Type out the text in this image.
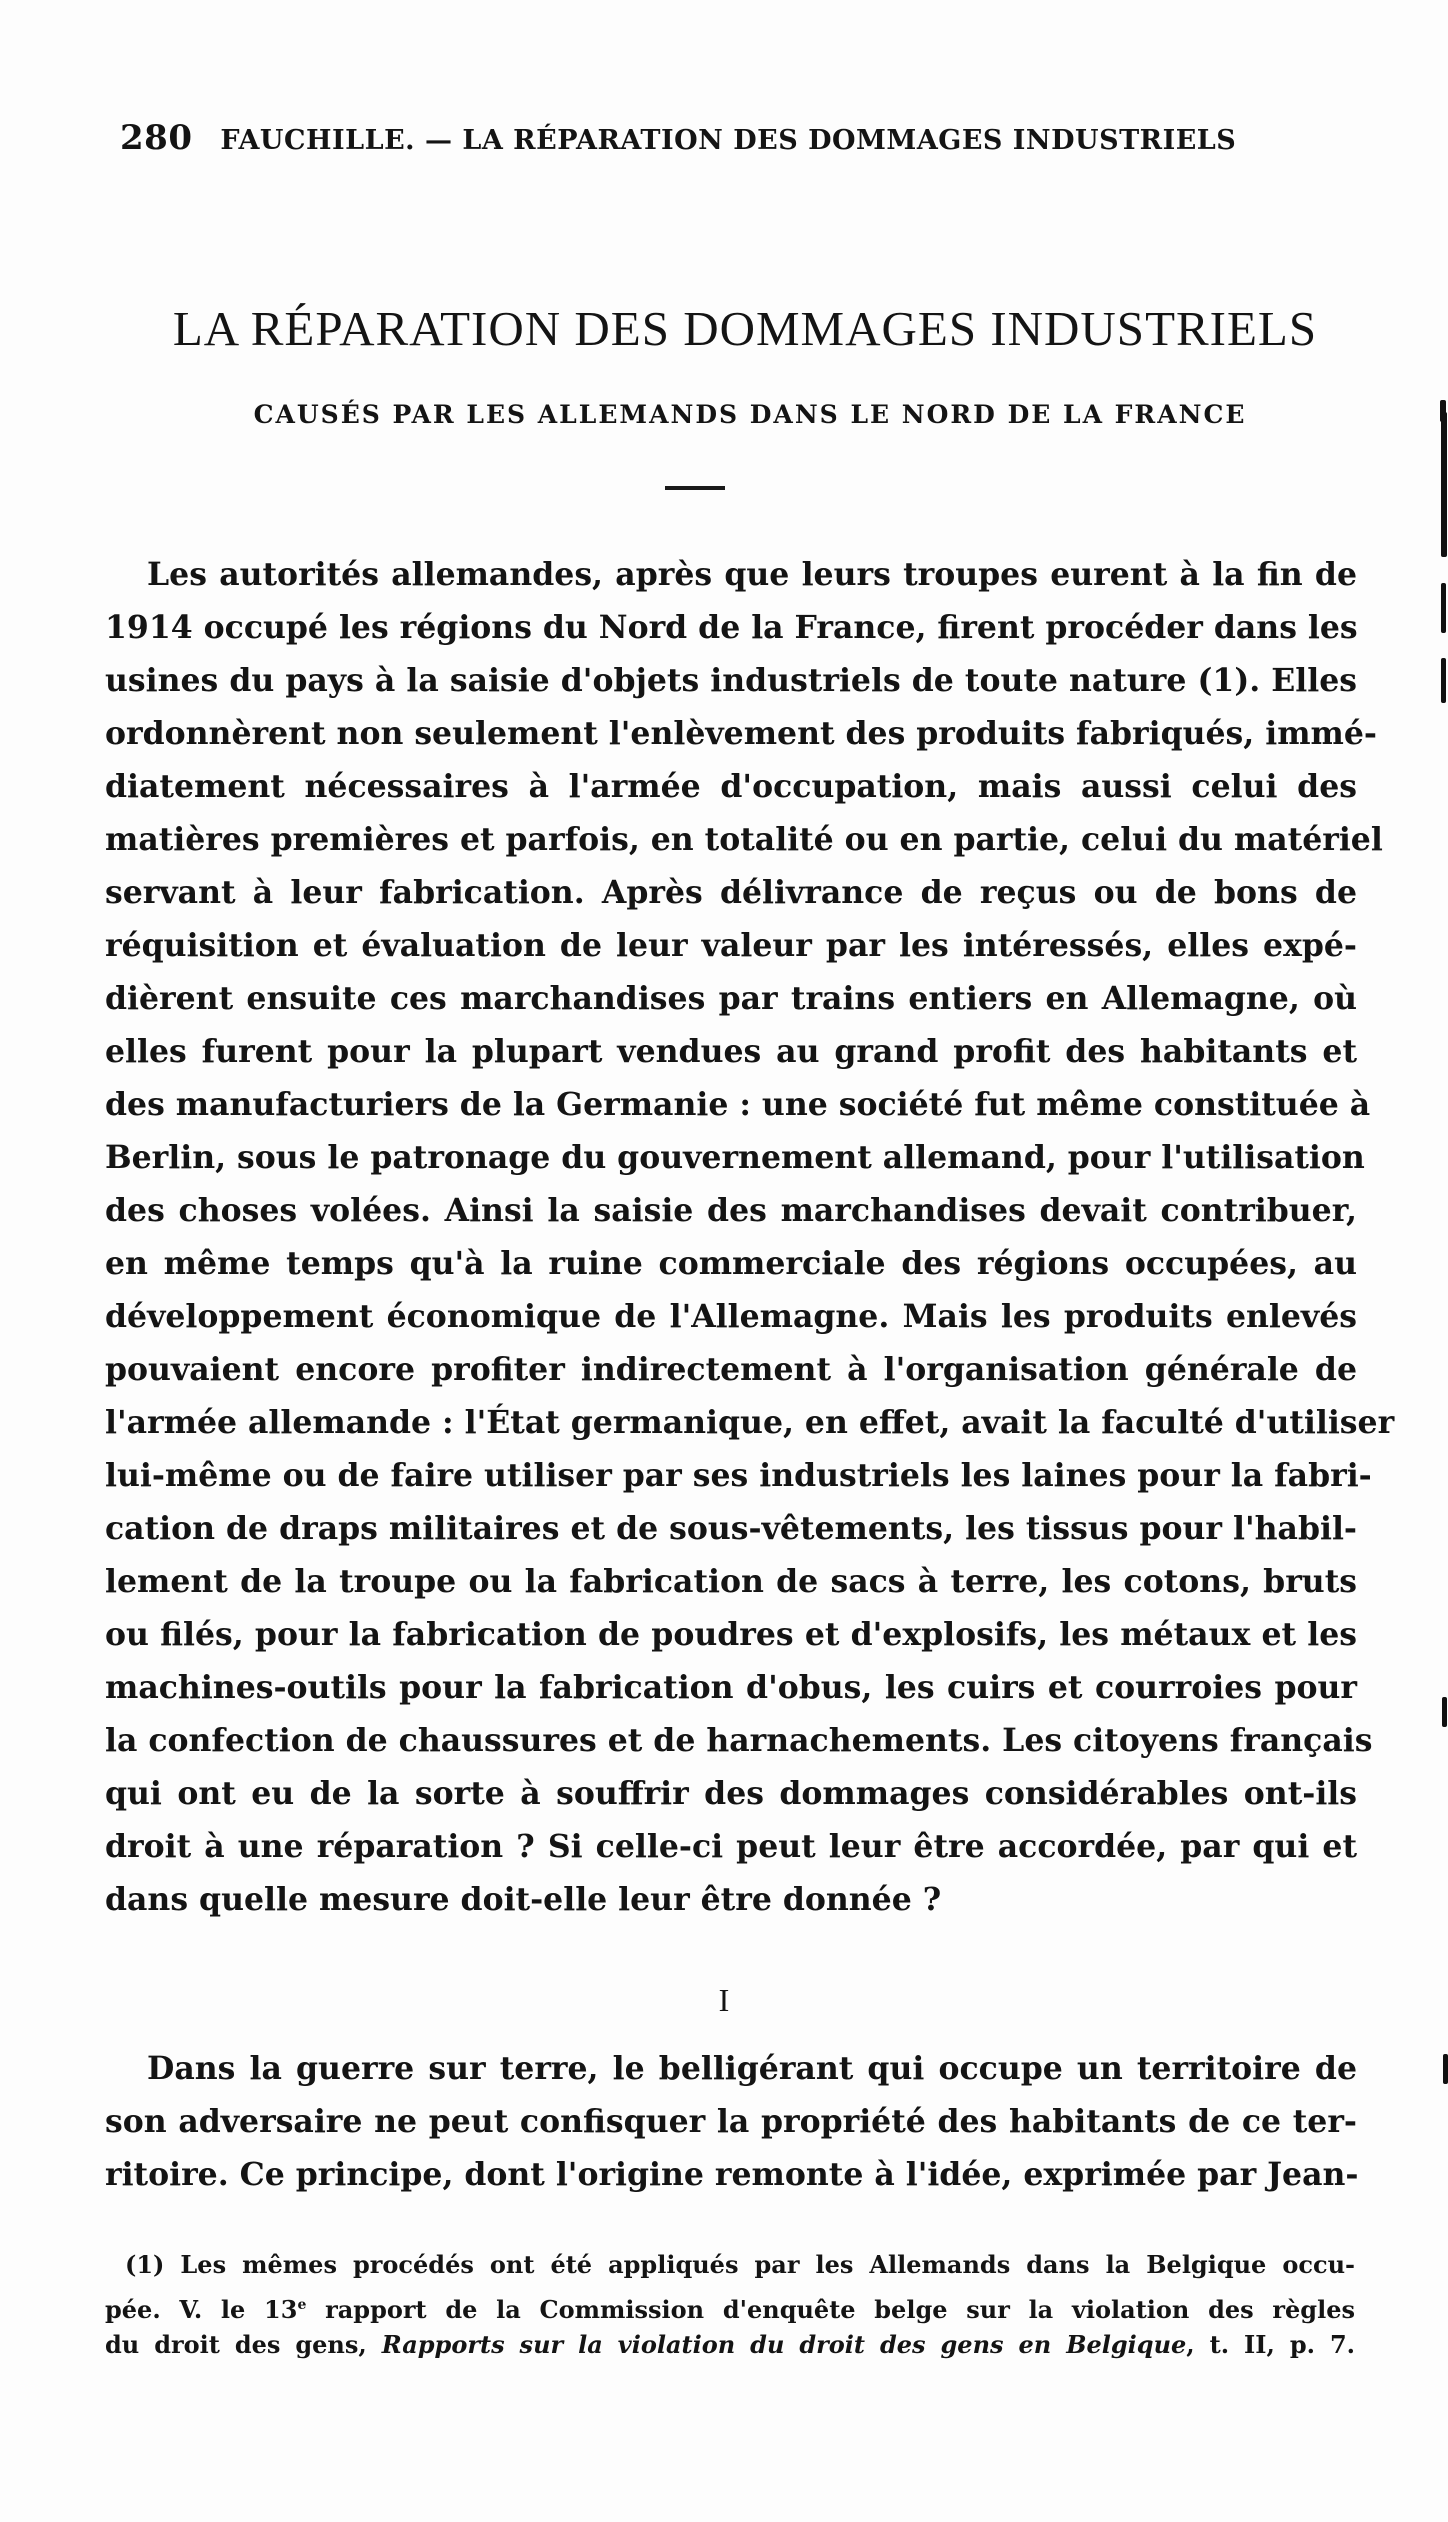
280 FAUCHILLE. — LA RÉPARATION DES DOMMAGES INDUSTRIELS
LA RÉPARATION DES DOMMAGES INDUSTRIELS
CAUSÉS PAR LES ALLEMANDS DANS LE NORD DE LA FRANCE
Les autorités allemandes, après que leurs troupes eurent à la fin de
1914 occupé les régions du Nord de la France, firent procéder dans les
usines du pays à la saisie d'objets industriels de toute nature (1). Elles
ordonnèrent non seulement l'enlèvement des produits fabriqués, immé-
diatement nécessaires à l'armée d'occupation, mais aussi celui des
matières premières et parfois, en totalité ou en partie, celui du matériel
servant à leur fabrication. Après délivrance de reçus ou de bons de
réquisition et évaluation de leur valeur par les intéressés, elles expé-
dièrent ensuite ces marchandises par trains entiers en Allemagne, où
elles furent pour la plupart vendues au grand profit des habitants et
des manufacturiers de la Germanie : une société fut même constituée à
Berlin, sous le patronage du gouvernement allemand, pour l'utilisation
des choses volées. Ainsi la saisie des marchandises devait contribuer,
en même temps qu'à la ruine commerciale des régions occupées, au
développement économique de l'Allemagne. Mais les produits enlevés
pouvaient encore profiter indirectement à l'organisation générale de
l'armée allemande : l'État germanique, en effet, avait la faculté d'utiliser
lui-même ou de faire utiliser par ses industriels les laines pour la fabri-
cation de draps militaires et de sous-vêtements, les tissus pour l'habil-
lement de la troupe ou la fabrication de sacs à terre, les cotons, bruts
ou filés, pour la fabrication de poudres et d'explosifs, les métaux et les
machines-outils pour la fabrication d'obus, les cuirs et courroies pour
la confection de chaussures et de harnachements. Les citoyens français
qui ont eu de la sorte à souffrir des dommages considérables ont-ils
droit à une réparation ? Si celle-ci peut leur être accordée, par qui et
dans quelle mesure doit-elle leur être donnée ?
I
Dans la guerre sur terre, le belligérant qui occupe un territoire de
son adversaire ne peut confisquer la propriété des habitants de ce ter-
ritoire. Ce principe, dont l'origine remonte à l'idée, exprimée par Jean-
(1) Les mêmes procédés ont été appliqués par les Allemands dans la Belgique occu-
pée. V. le 13e rapport de la Commission d'enquête belge sur la violation des règles
du droit des gens, Rapports sur la violation du droit des gens en Belgique, t. II, p. 7.
